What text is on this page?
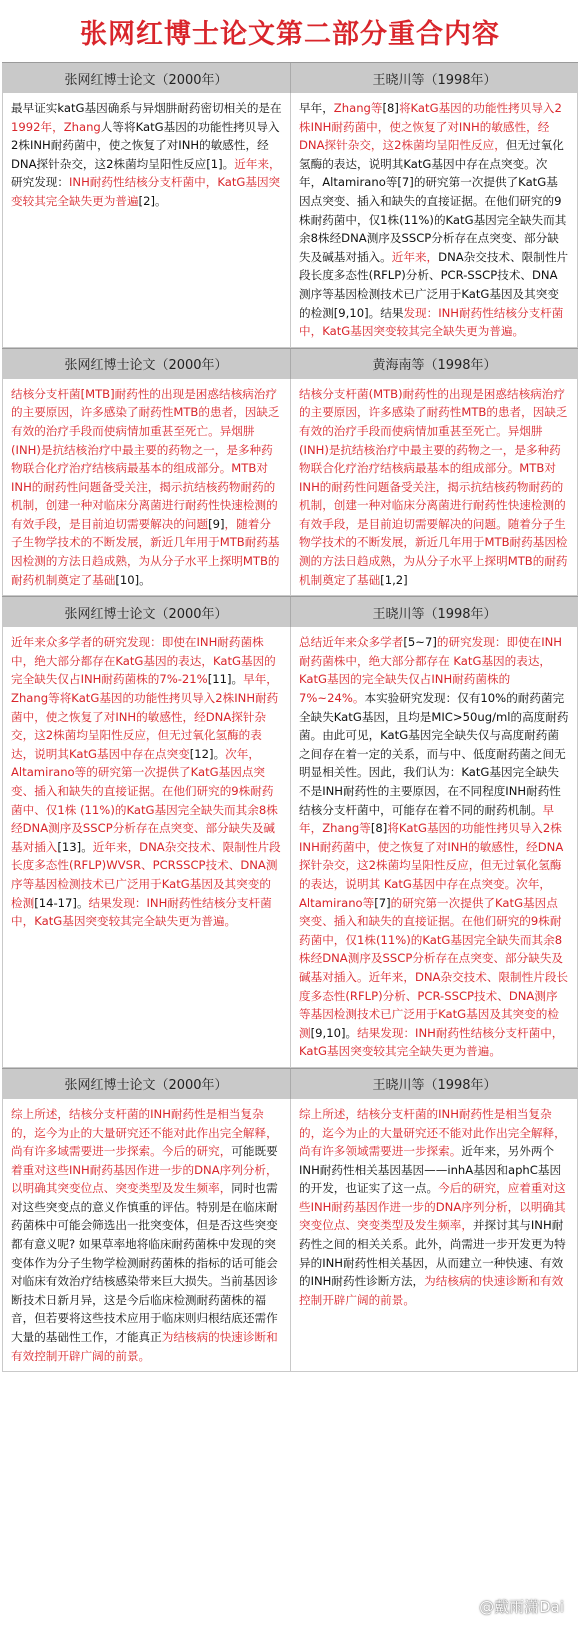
张网红博士论文第二部分重合内容
张网红博士论文（2000年）	王晓川等（1998年）
最早证实katG基因确系与异烟肼耐药密切相关的是在1992年，Zhang人等将KatG基因的功能性拷贝导入2株INH耐药菌中，使之恢复了对INH的敏感性，经DNA探针杂交，这2株菌均呈阳性反应[1]。近年来，研究发现：INH耐药性结核分支杆菌中，KatG基因突变较其完全缺失更为普遍[2]。
早年，Zhang等[8]将KatG基因的功能性拷贝导入2株INH耐药菌中，使之恢复了对INH的敏感性，经DNA探针杂交，这2株菌均呈阳性反应，但无过氧化氢酶的表达，说明其KatG基因中存在点突变。次年，Altamirano等[7]的研究第一次提供了KatG基因点突变、插入和缺失的直接证据。在他们研究的9株耐药菌中，仅1株(11%)的KatG基因完全缺失而其余8株经DNA测序及SSCP分析存在点突变、部分缺失及碱基对插入。近年来，DNA杂交技术、限制性片段长度多态性(RFLP)分析、PCR-SSCP技术、DNA测序等基因检测技术已广泛用于KatG基因及其突变的检测[9,10]。结果发现：INH耐药性结核分支杆菌中，KatG基因突变较其完全缺失更为普遍。
张网红博士论文（2000年）	黄海南等（1998年）
结核分支杆菌[MTB]耐药性的出现是困惑结核病治疗的主要原因，许多感染了耐药性MTB的患者，因缺乏有效的治疗手段而使病情加重甚至死亡。异烟肼(INH)是抗结核治疗中最主要的药物之一，是多种药物联合化疗治疗结核病最基本的组成部分。MTB对INH的耐药性问题备受关注，揭示抗结核药物耐药的机制，创建一种对临床分离菌进行耐药性快速检测的有效手段，是目前迫切需要解决的问题[9]，随着分子生物学技术的不断发展，新近几年用于MTB耐药基因检测的方法日趋成熟，为从分子水平上探明MTB的耐药机制奠定了基础[10]。
结核分支杆菌(MTB)耐药性的出现是困惑结核病治疗的主要原因，许多感染了耐药性MTB的患者，因缺乏有效的治疗手段而使病情加重甚至死亡。异烟肼(INH)是抗结核治疗中最主要的药物之一，是多种药物联合化疗治疗结核病最基本的组成部分。MTB对INH的耐药性问题备受关注，揭示抗结核药物耐药的机制，创建一种对临床分离菌进行耐药性快速检测的有效手段，是目前迫切需要解决的问题。随着分子生物学技术的不断发展，新近几年用于MTB耐药基因检测的方法日趋成熟，为从分子水平上探明MTB的耐药机制奠定了基础[1,2]
张网红博士论文（2000年）	王晓川等（1998年）
近年来众多学者的研究发现：即使在INH耐药菌株中，绝大部分都存在KatG基因的表达，KatG基因的完全缺失仅占INH耐药菌株的7%-21%[11]。早年，Zhang等将KatG基因的功能性拷贝导入2株INH耐药菌中，使之恢复了对INH的敏感性，经DNA探针杂交，这2株菌均呈阳性反应，但无过氧化氢酶的表达，说明其KatG基因中存在点突变[12]。次年，Altamirano等的研究第一次提供了KatG基因点突变、插入和缺失的直接证据。在他们研究的9株耐药菌中、仅1株 (11%)的KatG基因完全缺失而其余8株经DNA测序及SSCP分析存在点突变、部分缺失及碱基对插入[13]。近年来，DNA杂交技术、限制性片段长度多态性(RFLP)WVSR、PCRSSCP技术、DNA测序等基因检测技术已广泛用于KatG基因及其突变的检测[14-17]。结果发现：INH耐药性结核分支杆菌中，KatG基因突变较其完全缺失更为普遍。
总结近年来众多学者[5~7]的研究发现：即使在INH耐药菌株中，绝大部分都存在 KatG基因的表达，KatG基因的完全缺失仅占INH耐药菌株的7%~24%。本实验研究发现：仅有10%的耐药菌完全缺失KatG基因，且均是MIC>50ug/ml的高度耐药菌。由此可见，KatG基因完全缺失仅与高度耐药菌之间存在着一定的关系，而与中、低度耐药菌之间无明显相关性。因此，我们认为：KatG基因完全缺失不是INH耐药性的主要原因，在不同程度INH耐药性结核分支杆菌中，可能存在着不同的耐药机制。早年，Zhang等[8]将KatG基因的功能性拷贝导入2株INH耐药菌中，使之恢复了对INH的敏感性，经DNA探针杂交，这2株菌均呈阳性反应，但无过氧化氢酶的表达，说明其 KatG基因中存在点突变。次年，Altamirano等[7]的研究第一次提供了KatG基因点突变、插入和缺失的直接证据。在他们研究的9株耐药菌中，仅1株(11%)的KatG基因完全缺失而其余8株经DNA测序及SSCP分析存在点突变、部分缺失及碱基对插入。近年来，DNA杂交技术、限制性片段长度多态性(RFLP)分析、PCR-SSCP技术、DNA测序等基因检测技术已广泛用于KatG基因及其突变的检测[9,10]。结果发现：INH耐药性结核分支杆菌中，KatG基因突变较其完全缺失更为普遍。
张网红博士论文（2000年）	王晓川等（1998年）
综上所述，结核分支杆菌的INH耐药性是相当复杂的，迄今为止的大量研究还不能对此作出完全解释，尚有许多域需要进一步探索。今后的研究，可能既要着重对这些INH耐药基因作进一步的DNA序列分析，以明确其突变位点、突变类型及发生频率，同时也需对这些突变点的意义作慎重的评估。特别是在临床耐药菌株中可能会筛选出一批突变体，但是否这些突变都有意义呢? 如果草率地将临床耐药菌株中发现的突变体作为分子生物学检测耐药菌株的指标的话可能会对临床有效治疗结核感染带来巨大损失。当前基因诊断技术日新月异，这是今后临床检测耐药菌株的福音，但若要将这些技术应用于临床则归根结底还需作大量的基础性工作，才能真正为结核病的快速诊断和有效控制开辟广阔的前景。
综上所述，结核分支杆菌的INH耐药性是相当复杂的，迄今为止的大量研究还不能对此作出完全解释，尚有许多领域需要进一步探索。近年来，另外两个INH耐药性相关基因基因——inhA基因和aphC基因的开发，也证实了这一点。今后的研究，应着重对这些INH耐药基因作进一步的DNA序列分析，以明确其突变位点、突变类型及发生频率，并探讨其与INH耐药性之间的相关关系。此外，尚需进一步开发更为特异的INH耐药性相关基因，从而建立一种快速、有效的INH耐药性诊断方法，为结核病的快速诊断和有效控制开辟广阔的前景。
@戴雨潇Dai
